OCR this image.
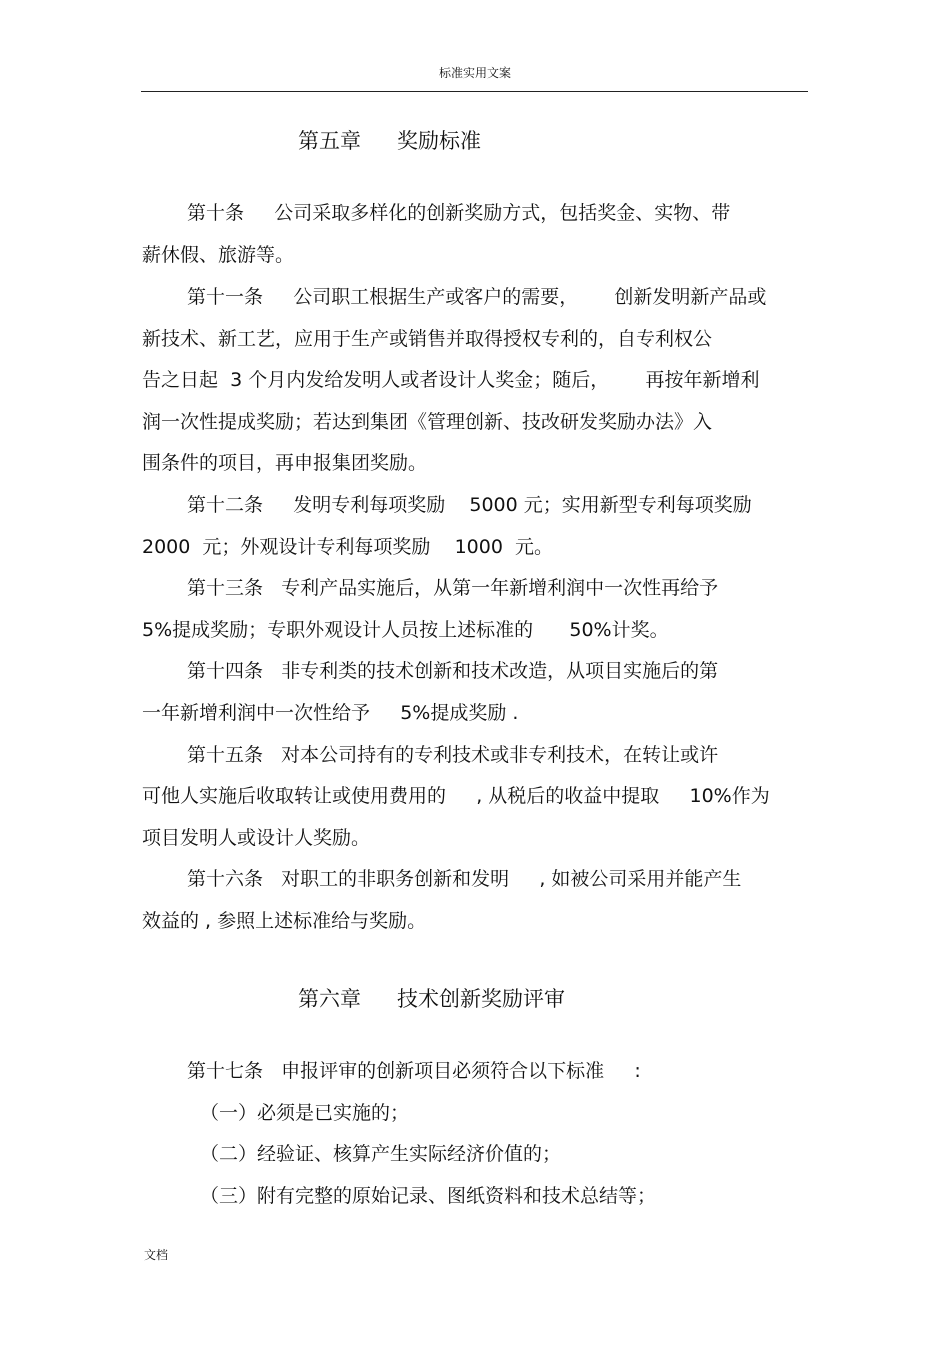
标准实用文案
第五章 奖励标准
第十条     公司采取多样化的创新奖励方式，包括奖金、实物、带
薪休假、旅游等。
第十一条     公司职工根据生产或客户的需要，      创新发明新产品或
新技术、新工艺，应用于生产或销售并取得授权专利的，自专利权公
告之日起  3 个月内发给发明人或者设计人奖金；随后，      再按年新增利
润一次性提成奖励；若达到集团《管理创新、技改研发奖励办法》入
围条件的项目，再申报集团奖励。
第十二条     发明专利每项奖励    5000 元；实用新型专利每项奖励
2000  元；外观设计专利每项奖励    1000  元。
第十三条   专利产品实施后，从第一年新增利润中一次性再给予
5%提成奖励；专职外观设计人员按上述标准的      50%计奖。
第十四条   非专利类的技术创新和技术改造，从项目实施后的第
一年新增利润中一次性给予     5%提成奖励 .
第十五条   对本公司持有的专利技术或非专利技术，在转让或许
可他人实施后收取转让或使用费用的     , 从税后的收益中提取     10%作为
项目发明人或设计人奖励。
第十六条   对职工的非职务创新和发明     , 如被公司采用并能产生
效益的 , 参照上述标准给与奖励。
第六章 技术创新奖励评审
第十七条   申报评审的创新项目必须符合以下标准     :
（一）必须是已实施的；
（二）经验证、核算产生实际经济价值的；
（三）附有完整的原始记录、图纸资料和技术总结等；
文档
